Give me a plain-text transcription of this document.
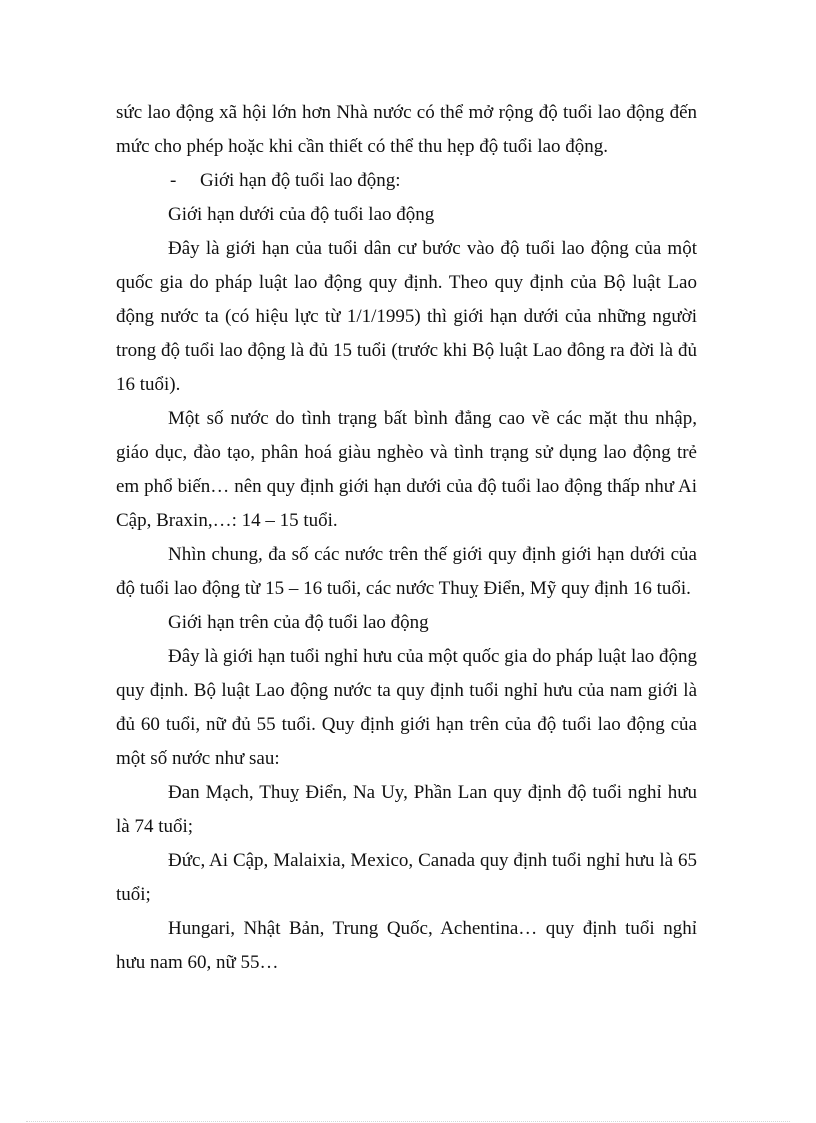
sức lao động xã hội lớn hơn Nhà nước có thể mở rộng độ tuổi lao động đến mức cho phép hoặc khi cần thiết có thể thu hẹp độ tuổi lao động.

-	Giới hạn độ tuổi lao động:

Giới hạn dưới của độ tuổi lao động

Đây là giới hạn của tuổi dân cư bước vào độ tuổi lao động của một quốc gia do pháp luật lao động quy định. Theo quy định của Bộ luật Lao động nước ta (có hiệu lực từ 1/1/1995) thì giới hạn dưới của những người trong độ tuổi lao động là đủ 15 tuổi (trước khi Bộ luật Lao đông ra đời là đủ 16 tuổi).

Một số nước do tình trạng bất bình đẳng cao về các mặt thu nhập, giáo dục, đào tạo, phân hoá giàu nghèo và tình trạng sử dụng lao động trẻ em phổ biến… nên quy định giới hạn dưới của độ tuổi lao động thấp như Ai Cập, Braxin,…: 14 – 15 tuổi.

Nhìn chung, đa số các nước trên thế giới quy định giới hạn dưới của độ tuổi lao động từ 15 – 16 tuổi, các nước Thuỵ Điển, Mỹ quy định 16 tuổi.

Giới hạn trên của độ tuổi lao động

Đây là giới hạn tuổi nghỉ hưu của một quốc gia do pháp luật lao động quy định. Bộ luật Lao động nước ta quy định tuổi nghỉ hưu của nam giới là đủ 60 tuổi, nữ đủ 55 tuổi. Quy định giới hạn trên của độ tuổi lao động của một số nước như sau:

Đan Mạch, Thuỵ Điển, Na Uy, Phần Lan quy định độ tuổi nghỉ hưu là 74 tuổi;

Đức, Ai Cập, Malaixia, Mexico, Canada quy định tuổi nghỉ hưu là 65 tuổi;

Hungari, Nhật Bản, Trung Quốc, Achentina… quy định tuổi nghỉ hưu nam 60, nữ 55…
